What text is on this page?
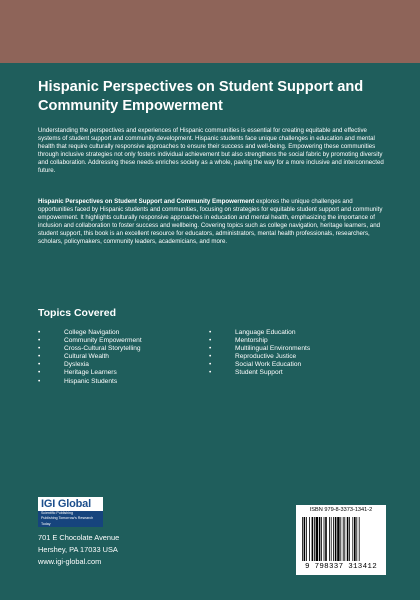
Hispanic Perspectives on Student Support and
Community Empowerment

Understanding the perspectives and experiences of Hispanic communities is essential for creating equitable and effective systems of student support and community development. Hispanic students face unique challenges in education and mental health that require culturally responsive approaches to ensure their success and well-being. Empowering these communities through inclusive strategies not only fosters individual achievement but also strengthens the social fabric by promoting diversity and collaboration. Addressing these needs enriches society as a whole, paving the way for a more inclusive and interconnected future.

Hispanic Perspectives on Student Support and Community Empowerment explores the unique challenges and opportunities faced by Hispanic students and communities, focusing on strategies for equitable student support and community empowerment. It highlights culturally responsive approaches in education and mental health, emphasizing the importance of inclusion and collaboration to foster success and wellbeing. Covering topics such as college navigation, heritage learners, and student support, this book is an excellent resource for educators, administrators, mental health professionals, researchers, scholars, policymakers, community leaders, academicians, and more.

Topics Covered
•	College Navigation
•	Community Empowerment
•	Cross-Cultural Storytelling
•	Cultural Wealth
•	Dyslexia
•	Heritage Learners
•	Hispanic Students
•	Language Education
•	Mentorship
•	Multilingual Environments
•	Reproductive Justice
•	Social Work Education
•	Student Support
IGI Global
Scientific Publishing
Publishing Tomorrow's Research Today
701 E Chocolate Avenue
Hershey, PA 17033 USA
www.igi-global.com
ISBN 979-8-3373-1341-2
9 798337 313412
